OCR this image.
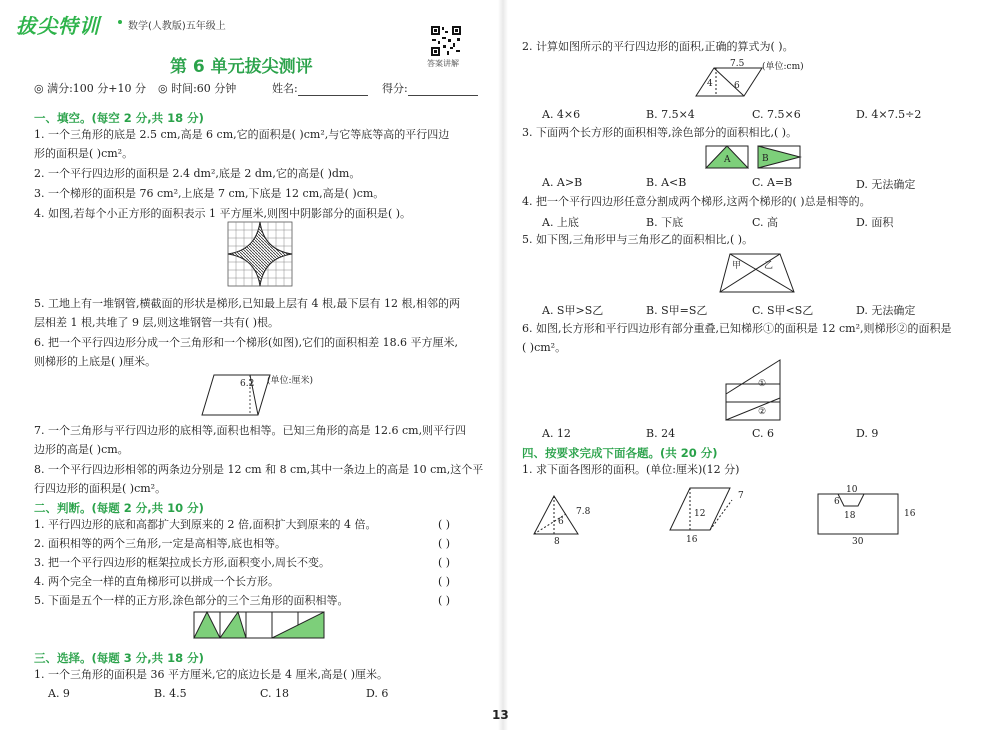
拔尖特训	数学(人教版)五年级上
第 6 单元拔尖测评	答案讲解
◎ 满分:100 分+10 分 ◎ 时间:60 分钟	姓名:	得分:
一、填空。(每空 2 分,共 18 分)
1. 一个三角形的底是 2.5 cm,高是 6 cm,它的面积是( )cm²,与它等底等高的平行四边
形的面积是( )cm²。
2. 一个平行四边形的面积是 2.4 dm²,底是 2 dm,它的高是( )dm。
3. 一个梯形的面积是 76 cm²,上底是 7 cm,下底是 12 cm,高是( )cm。
4. 如图,若每个小正方形的面积表示 1 平方厘米,则图中阴影部分的面积是( )。
5. 工地上有一堆钢管,横截面的形状是梯形,已知最上层有 4 根,最下层有 12 根,相邻的两
层相差 1 根,共堆了 9 层,则这堆钢管一共有( )根。
6. 把一个平行四边形分成一个三角形和一个梯形(如图),它们的面积相差 18.6 平方厘米,
则梯形的上底是( )厘米。
6.2 (单位:厘米)
7. 一个三角形与平行四边形的底相等,面积也相等。已知三角形的高是 12.6 cm,则平行四
边形的高是( )cm。
8. 一个平行四边形相邻的两条边分别是 12 cm 和 8 cm,其中一条边上的高是 10 cm,这个平
行四边形的面积是( )cm²。
二、判断。(每题 2 分,共 10 分)
1. 平行四边形的底和高都扩大到原来的 2 倍,面积扩大到原来的 4 倍。	( )
2. 面积相等的两个三角形,一定是高相等,底也相等。	( )
3. 把一个平行四边形的框架拉成长方形,面积变小,周长不变。	( )
4. 两个完全一样的直角梯形可以拼成一个长方形。	( )
5. 下面是五个一样的正方形,涂色部分的三个三角形的面积相等。	( )
三、选择。(每题 3 分,共 18 分)
1. 一个三角形的面积是 36 平方厘米,它的底边长是 4 厘米,高是( )厘米。
A. 9	B. 4.5	C. 18	D. 6
2. 计算如图所示的平行四边形的面积,正确的算式为( )。
7.5
4 6
(单位:cm)
A. 4×6	B. 7.5×4	C. 7.5×6	D. 4×7.5÷2
3. 下面两个长方形的面积相等,涂色部分的面积相比,( )。
A	B
A. A>B	B. A<B	C. A=B	D. 无法确定
4. 把一个平行四边形任意分割成两个梯形,这两个梯形的( )总是相等的。
A. 上底	B. 下底	C. 高	D. 面积
5. 如下图,三角形甲与三角形乙的面积相比,( )。
甲	乙
A. S甲>S乙	B. S甲=S乙	C. S甲<S乙	D. 无法确定
6. 如图,长方形和平行四边形有部分重叠,已知梯形①的面积是 12 cm²,则梯形②的面积是
( )cm²。
①
②
A. 12	B. 24	C. 6	D. 9
四、按要求完成下面各题。(共 20 分)
1. 求下面各图形的面积。(单位:厘米)(12 分)
7.8
6
8
7
12
16
10
6
18	16
30
13
